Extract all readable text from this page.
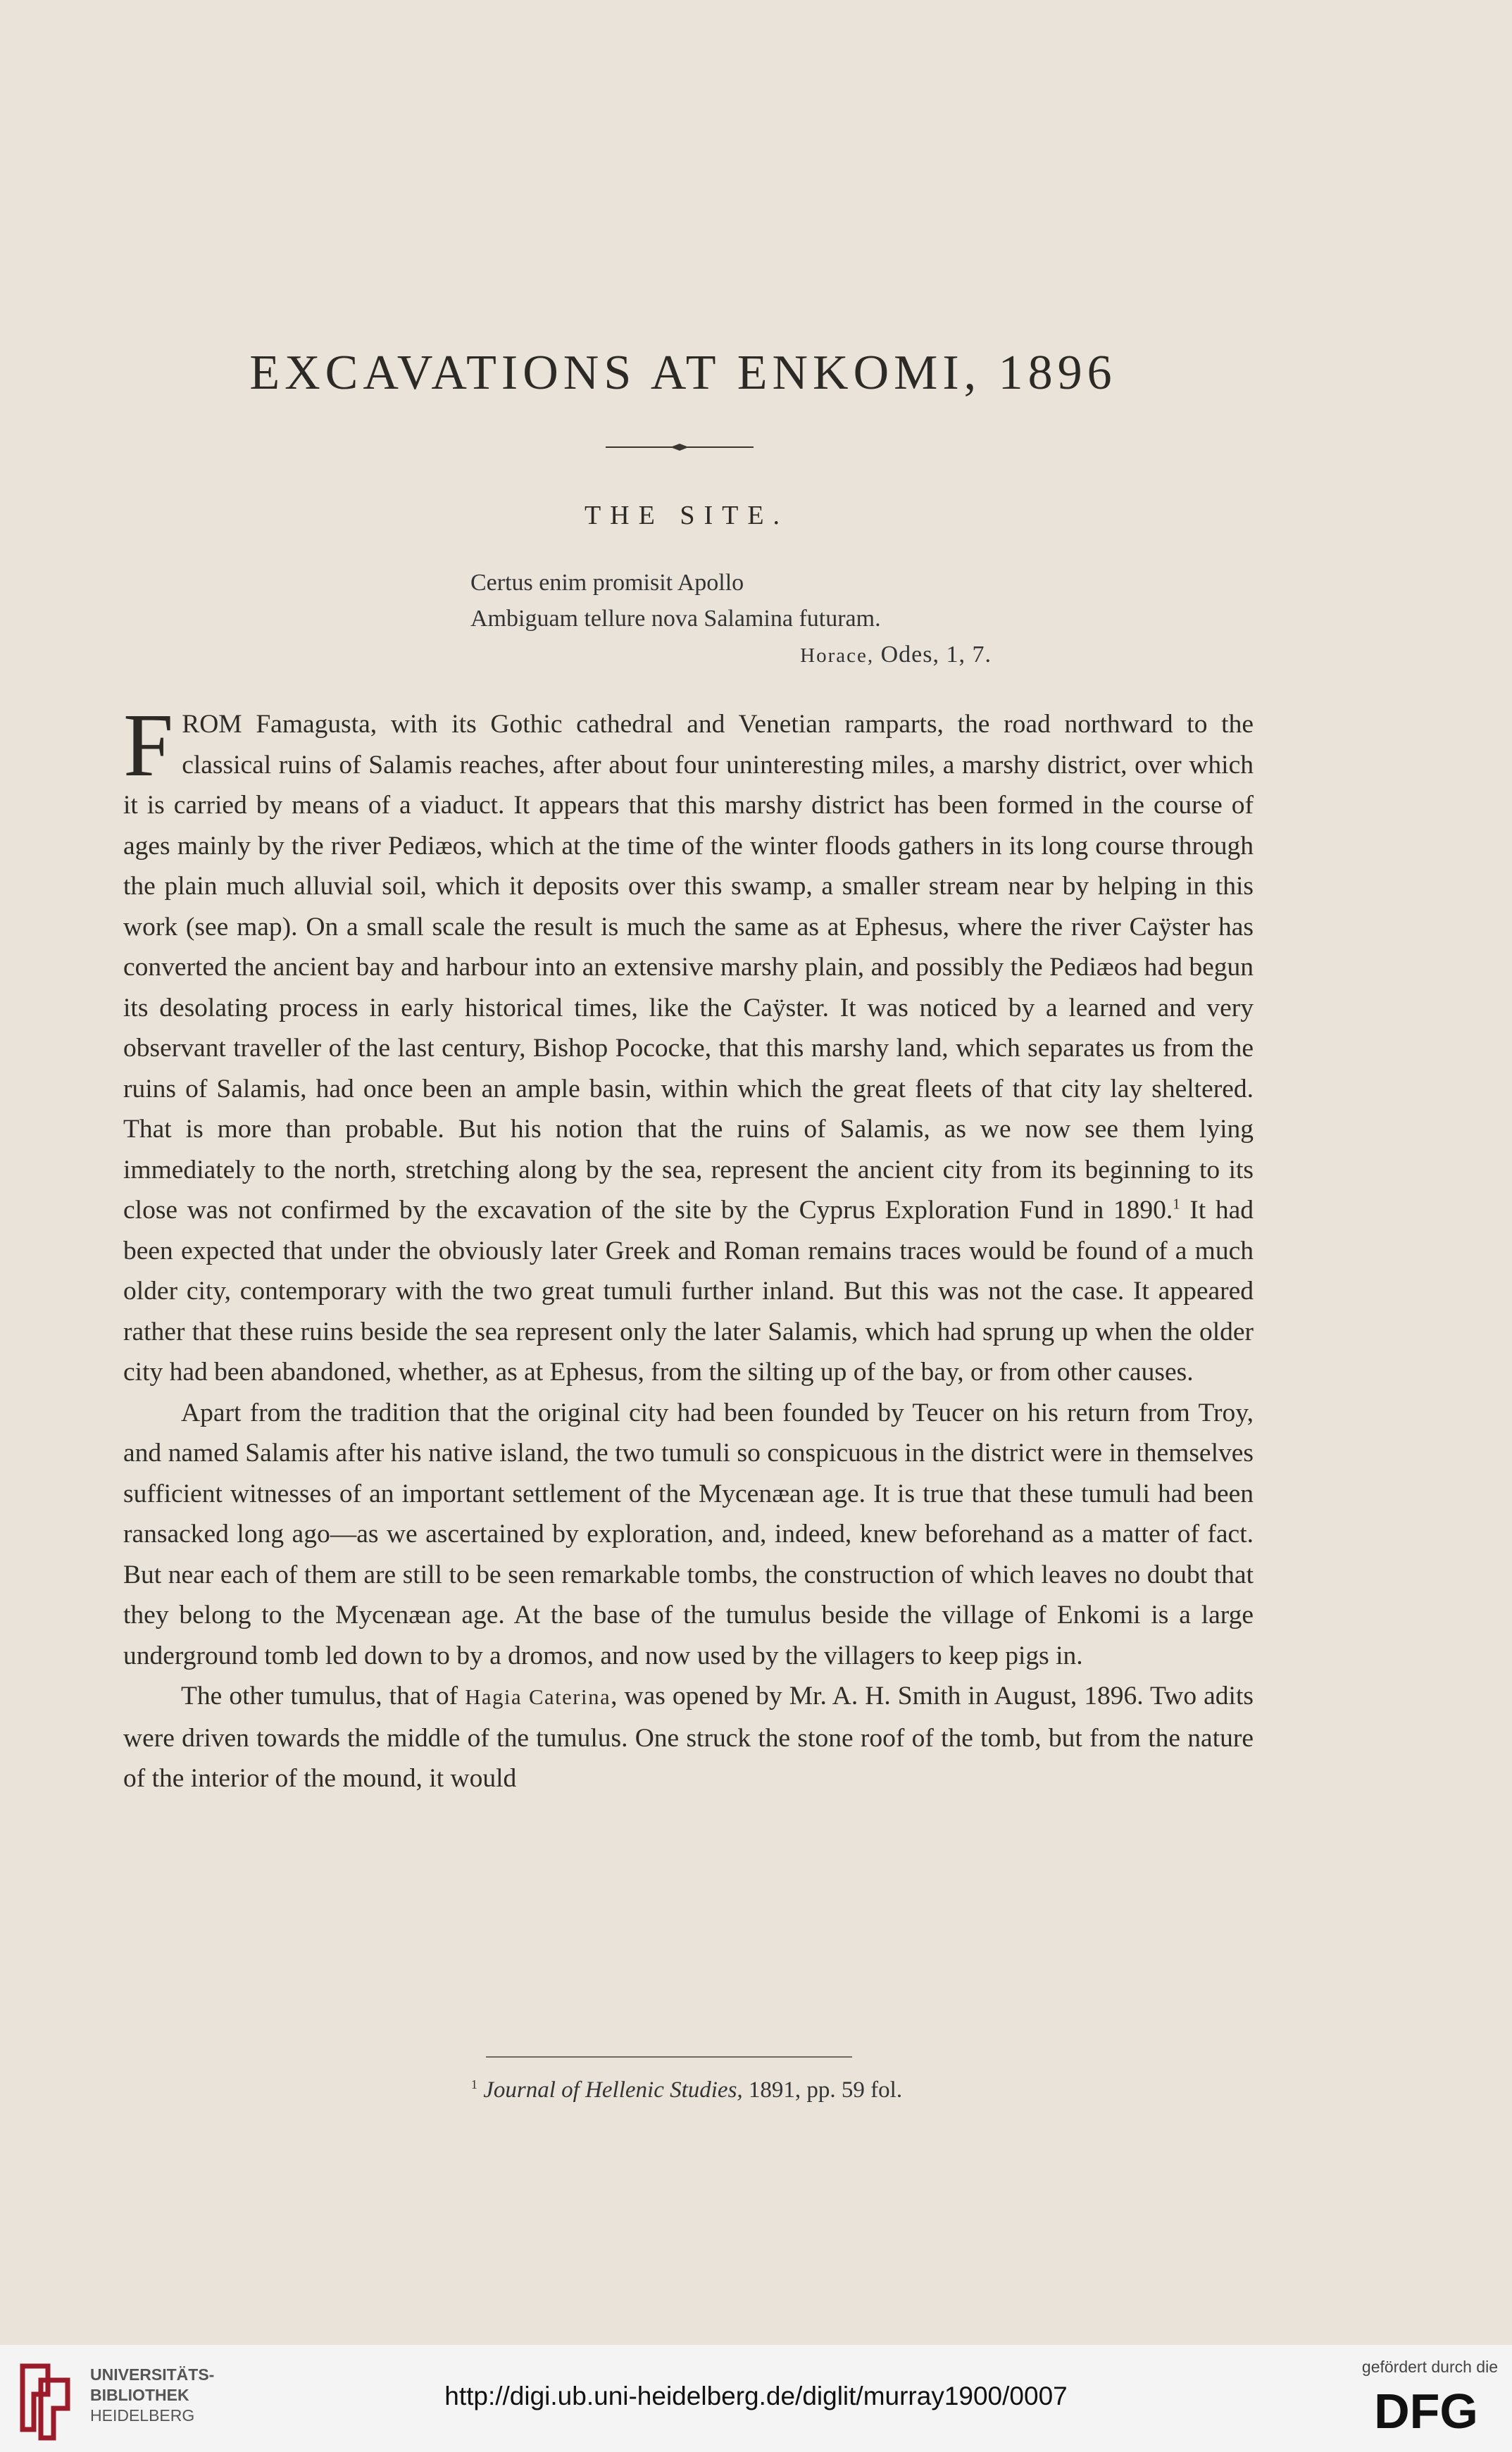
EXCAVATIONS AT ENKOMI, 1896
THE SITE.
Certus enim promisit Apollo
Ambiguam tellure nova Salamina futuram.
Horace, Odes, 1, 7.

FROM Famagusta, with its Gothic cathedral and Venetian ramparts, the road northward to the classical ruins of Salamis reaches, after about four uninteresting miles, a marshy district, over which it is carried by means of a viaduct. It appears that this marshy district has been formed in the course of ages mainly by the river Pediæos, which at the time of the winter floods gathers in its long course through the plain much alluvial soil, which it deposits over this swamp, a smaller stream near by helping in this work (see map). On a small scale the result is much the same as at Ephesus, where the river Caÿster has converted the ancient bay and harbour into an extensive marshy plain, and possibly the Pediæos had begun its desolating process in early historical times, like the Caÿster. It was noticed by a learned and very observant traveller of the last century, Bishop Pococke, that this marshy land, which separates us from the ruins of Salamis, had once been an ample basin, within which the great fleets of that city lay sheltered. That is more than probable. But his notion that the ruins of Salamis, as we now see them lying immediately to the north, stretching along by the sea, represent the ancient city from its beginning to its close was not confirmed by the excavation of the site by the Cyprus Exploration Fund in 1890.$^1$ It had been expected that under the obviously later Greek and Roman remains traces would be found of a much older city, contemporary with the two great tumuli further inland. But this was not the case. It appeared rather that these ruins beside the sea represent only the later Salamis, which had sprung up when the older city had been abandoned, whether, as at Ephesus, from the silting up of the bay, or from other causes.

Apart from the tradition that the original city had been founded by Teucer on his return from Troy, and named Salamis after his native island, the two tumuli so conspicuous in the district were in themselves sufficient witnesses of an important settlement of the Mycenæan age. It is true that these tumuli had been ransacked long ago—as we ascertained by exploration, and, indeed, knew beforehand as a matter of fact. But near each of them are still to be seen remarkable tombs, the construction of which leaves no doubt that they belong to the Mycenæan age. At the base of the tumulus beside the village of Enkomi is a large underground tomb led down to by a dromos, and now used by the villagers to keep pigs in.

The other tumulus, that of Hagia Caterina, was opened by Mr. A. H. Smith in August, 1896. Two adits were driven towards the middle of the tumulus. One struck the stone roof of the tomb, but from the nature of the interior of the mound, it would

$^1$ Journal of Hellenic Studies, 1891, pp. 59 fol.
UNIVERSITÄTS-
BIBLIOTHEK
HEIDELBERG
http://digi.ub.uni-heidelberg.de/diglit/murray1900/0007
gefördert durch die
DFG
